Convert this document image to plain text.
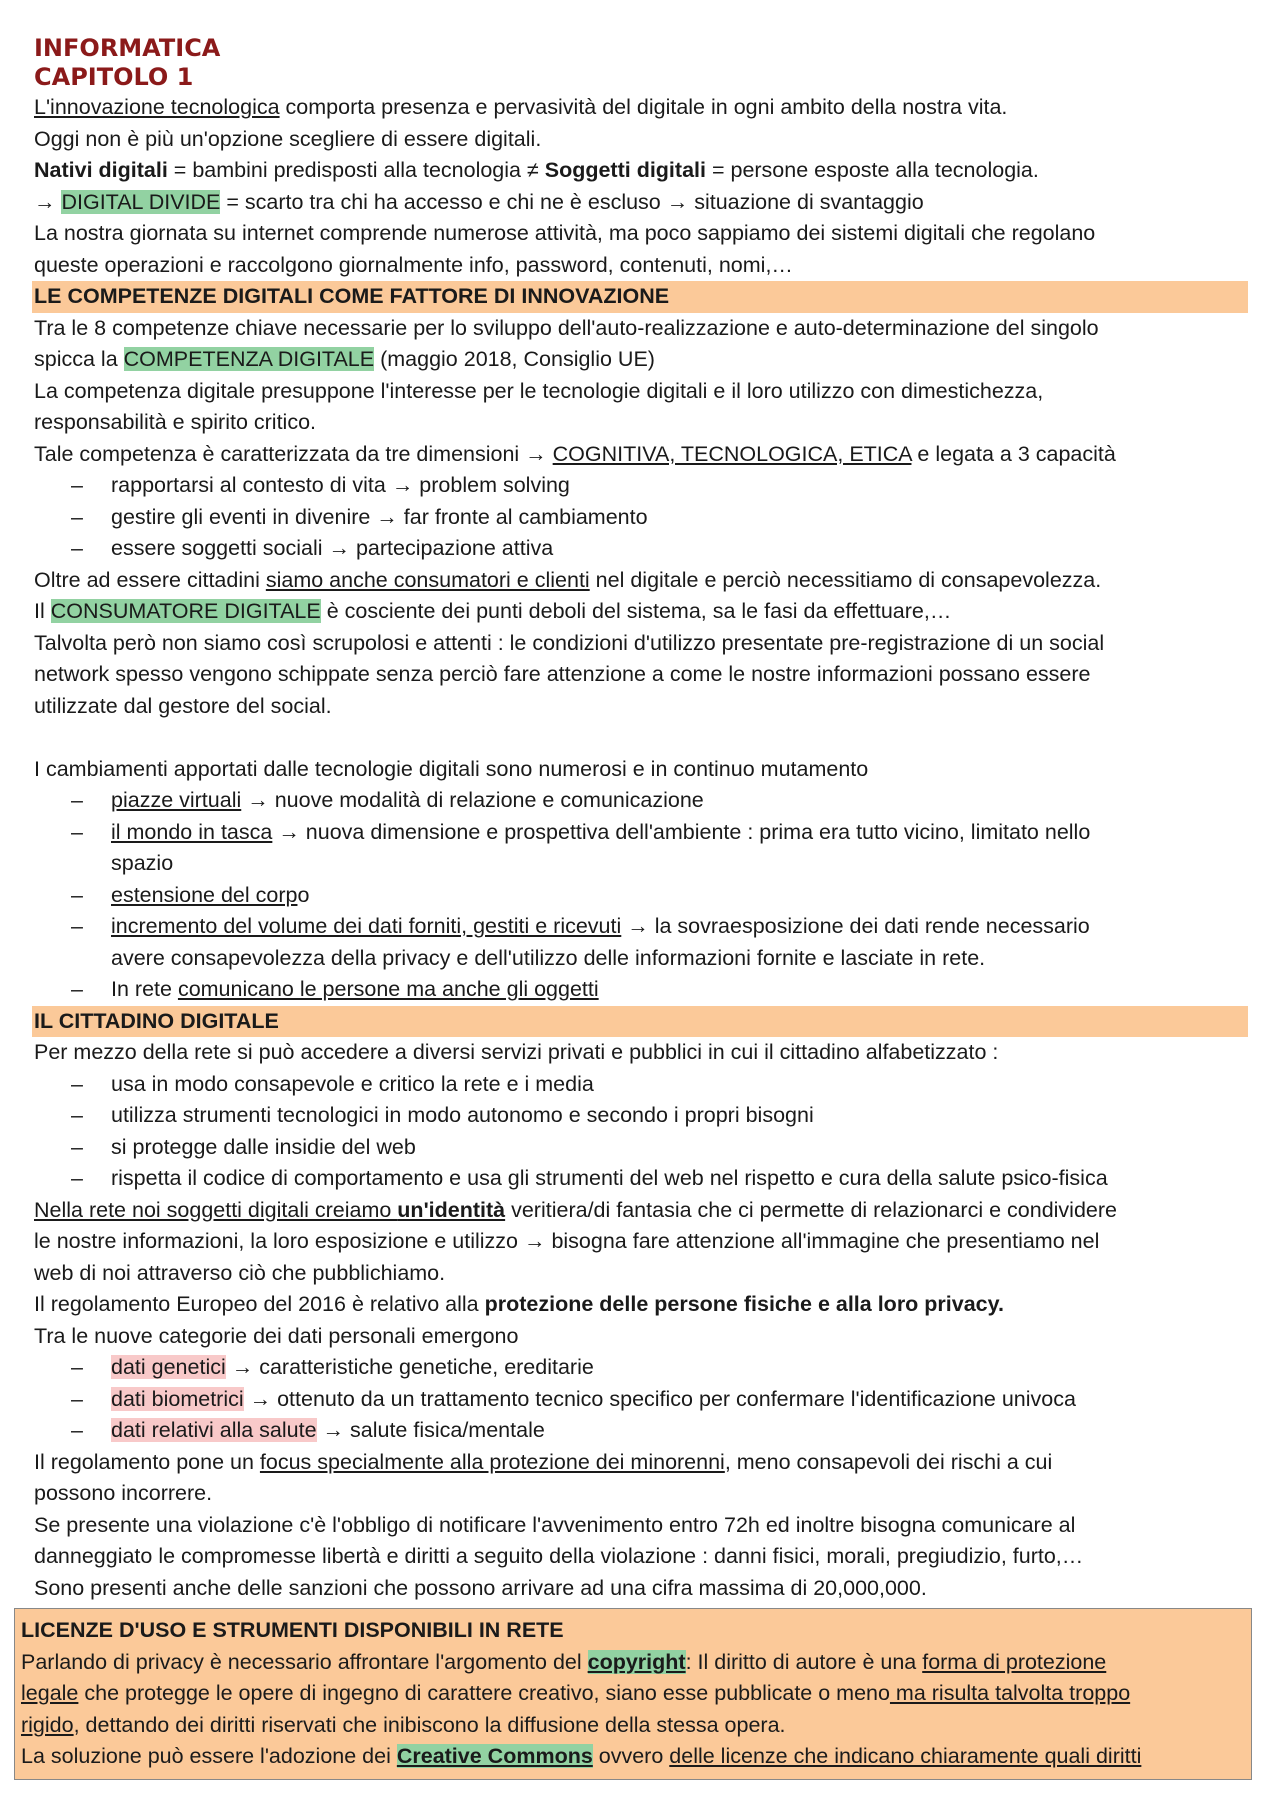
INFORMATICA
CAPITOLO 1
L'innovazione tecnologica comporta presenza e pervasività del digitale in ogni ambito della nostra vita.
Oggi non è più un'opzione scegliere di essere digitali.
Nativi digitali = bambini predisposti alla tecnologia ≠ Soggetti digitali = persone esposte alla tecnologia.
→ DIGITAL DIVIDE = scarto tra chi ha accesso e chi ne è escluso → situazione di svantaggio
La nostra giornata su internet comprende numerose attività, ma poco sappiamo dei sistemi digitali che regolano
queste operazioni e raccolgono giornalmente info, password, contenuti, nomi,…
LE COMPETENZE DIGITALI COME FATTORE DI INNOVAZIONE
Tra le 8 competenze chiave necessarie per lo sviluppo dell'auto-realizzazione e auto-determinazione del singolo
spicca la COMPETENZA DIGITALE (maggio 2018, Consiglio UE)
La competenza digitale presuppone l'interesse per le tecnologie digitali e il loro utilizzo con dimestichezza,
responsabilità e spirito critico.
Tale competenza è caratterizzata da tre dimensioni → COGNITIVA, TECNOLOGICA, ETICA e legata a 3 capacità
– rapportarsi al contesto di vita → problem solving
– gestire gli eventi in divenire → far fronte al cambiamento
– essere soggetti sociali → partecipazione attiva
Oltre ad essere cittadini siamo anche consumatori e clienti nel digitale e perciò necessitiamo di consapevolezza.
Il CONSUMATORE DIGITALE è cosciente dei punti deboli del sistema, sa le fasi da effettuare,…
Talvolta però non siamo così scrupolosi e attenti : le condizioni d'utilizzo presentate pre-registrazione di un social
network spesso vengono schippate senza perciò fare attenzione a come le nostre informazioni possano essere
utilizzate dal gestore del social.

I cambiamenti apportati dalle tecnologie digitali sono numerosi e in continuo mutamento
– piazze virtuali → nuove modalità di relazione e comunicazione
– il mondo in tasca → nuova dimensione e prospettiva dell'ambiente : prima era tutto vicino, limitato nello
spazio
– estensione del corpo
– incremento del volume dei dati forniti, gestiti e ricevuti → la sovraesposizione dei dati rende necessario
avere consapevolezza della privacy e dell'utilizzo delle informazioni fornite e lasciate in rete.
– In rete comunicano le persone ma anche gli oggetti
IL CITTADINO DIGITALE
Per mezzo della rete si può accedere a diversi servizi privati e pubblici in cui il cittadino alfabetizzato :
– usa in modo consapevole e critico la rete e i media
– utilizza strumenti tecnologici in modo autonomo e secondo i propri bisogni
– si protegge dalle insidie del web
– rispetta il codice di comportamento e usa gli strumenti del web nel rispetto e cura della salute psico-fisica
Nella rete noi soggetti digitali creiamo un'identità veritiera/di fantasia che ci permette di relazionarci e condividere
le nostre informazioni, la loro esposizione e utilizzo → bisogna fare attenzione all'immagine che presentiamo nel
web di noi attraverso ciò che pubblichiamo.
Il regolamento Europeo del 2016 è relativo alla protezione delle persone fisiche e alla loro privacy.
Tra le nuove categorie dei dati personali emergono
– dati genetici → caratteristiche genetiche, ereditarie
– dati biometrici → ottenuto da un trattamento tecnico specifico per confermare l'identificazione univoca
– dati relativi alla salute → salute fisica/mentale
Il regolamento pone un focus specialmente alla protezione dei minorenni, meno consapevoli dei rischi a cui
possono incorrere.
Se presente una violazione c'è l'obbligo di notificare l'avvenimento entro 72h ed inoltre bisogna comunicare al
danneggiato le compromesse libertà e diritti a seguito della violazione : danni fisici, morali, pregiudizio, furto,…
Sono presenti anche delle sanzioni che possono arrivare ad una cifra massima di 20,000,000.
LICENZE D'USO E STRUMENTI DISPONIBILI IN RETE
Parlando di privacy è necessario affrontare l'argomento del copyright: Il diritto di autore è una forma di protezione
legale che protegge le opere di ingegno di carattere creativo, siano esse pubblicate o meno ma risulta talvolta troppo
rigido, dettando dei diritti riservati che inibiscono la diffusione della stessa opera.
La soluzione può essere l'adozione dei Creative Commons ovvero delle licenze che indicano chiaramente quali diritti
